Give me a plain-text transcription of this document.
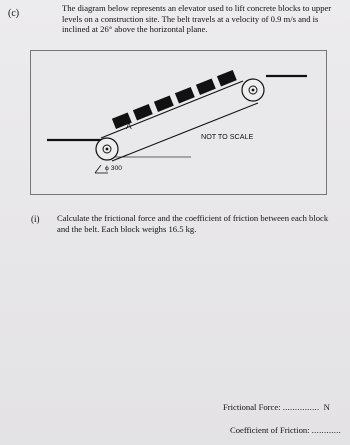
(c)	The diagram below represents an elevator used to lift concrete blocks to upper levels on a construction site. The belt travels at a velocity of 0.9 m/s and is inclined at 26° above the horizontal plane.
A
NOT TO SCALE
ϕ 300
(i) Calculate the frictional force and the coefficient of friction between each block and the belt. Each block weighs 16.5 kg.
Frictional Force: ............... N
Coefficient of Friction: ............
